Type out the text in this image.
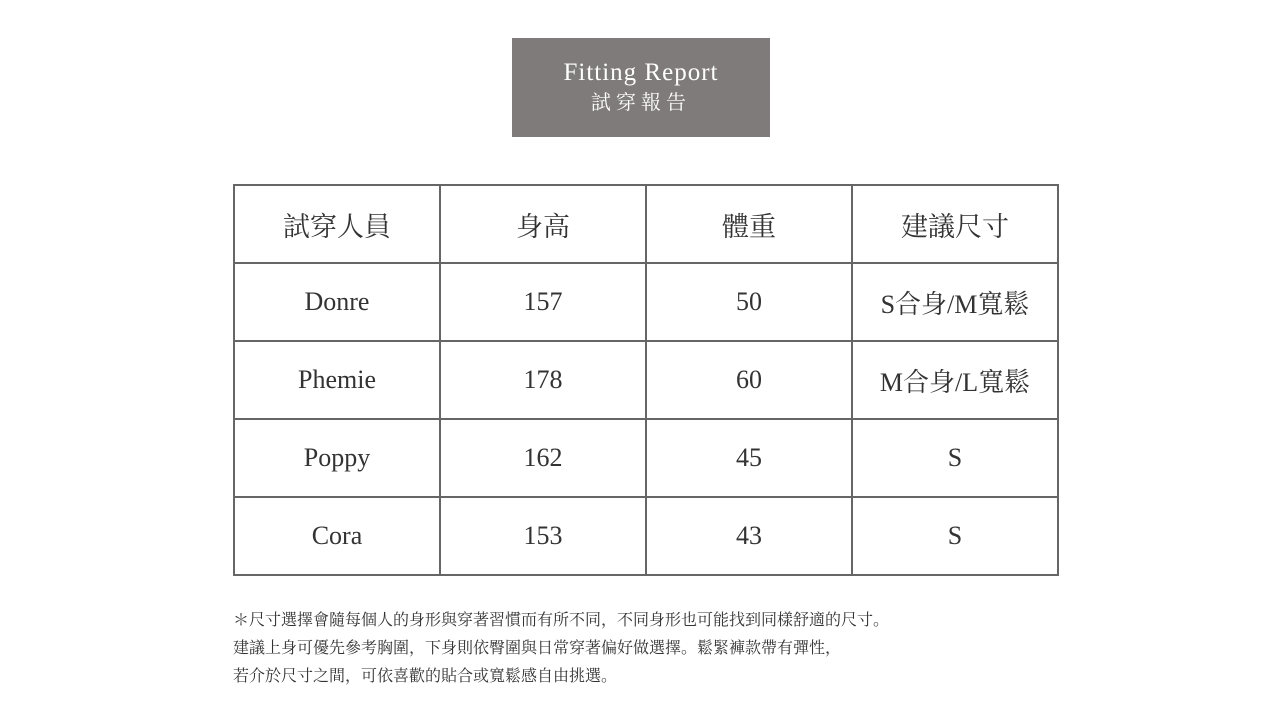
Fitting Report
試穿報告
試穿人員	身高	體重	建議尺寸
Donre	157	50	S合身/M寬鬆
Phemie	178	60	M合身/L寬鬆
Poppy	162	45	S
Cora	153	43	S

＊尺寸選擇會隨每個人的身形與穿著習慣而有所不同，不同身形也可能找到同樣舒適的尺寸。

建議上身可優先參考胸圍，下身則依臀圍與日常穿著偏好做選擇。鬆緊褲款帶有彈性，

若介於尺寸之間，可依喜歡的貼合或寬鬆感自由挑選。
